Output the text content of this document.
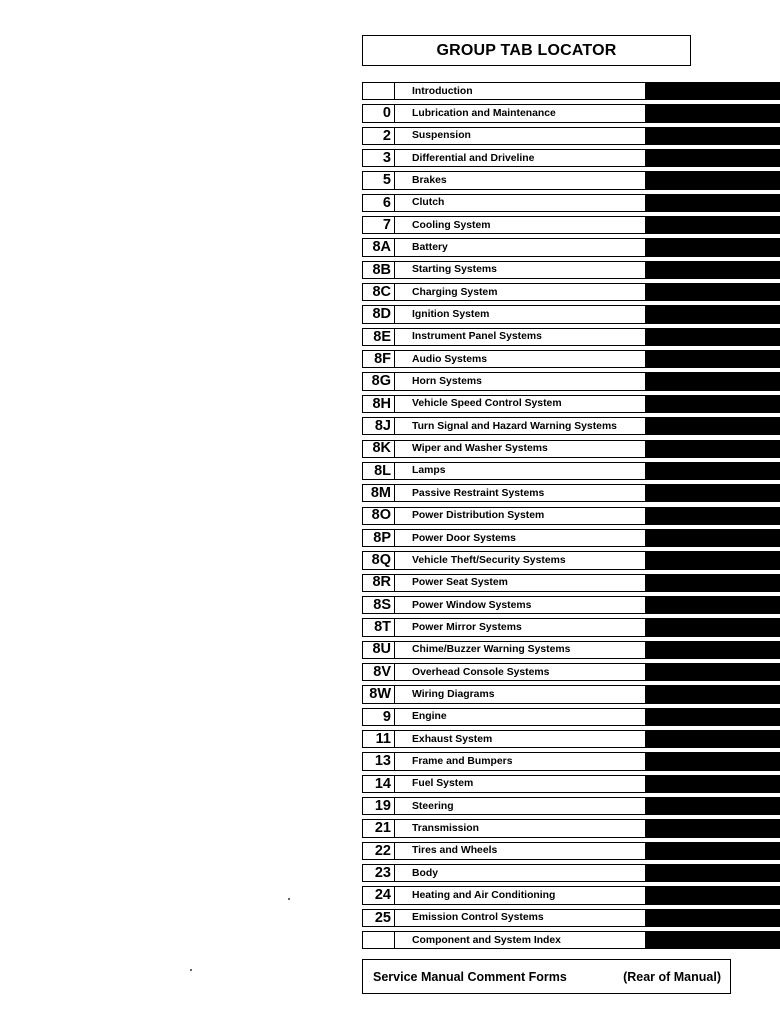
GROUP TAB LOCATOR
Introduction
0	Lubrication and Maintenance
2	Suspension
3	Differential and Driveline
5	Brakes
6	Clutch
7	Cooling System
8A	Battery
8B	Starting Systems
8C	Charging System
8D	Ignition System
8E	Instrument Panel Systems
8F	Audio Systems
8G	Horn Systems
8H	Vehicle Speed Control System
8J	Turn Signal and Hazard Warning Systems
8K	Wiper and Washer Systems
8L	Lamps
8M	Passive Restraint Systems
8O	Power Distribution System
8P	Power Door Systems
8Q	Vehicle Theft/Security Systems
8R	Power Seat System
8S	Power Window Systems
8T	Power Mirror Systems
8U	Chime/Buzzer Warning Systems
8V	Overhead Console Systems
8W	Wiring Diagrams
9	Engine
11	Exhaust System
13	Frame and Bumpers
14	Fuel System
19	Steering
21	Transmission
22	Tires and Wheels
23	Body
24	Heating and Air Conditioning
25	Emission Control Systems
Component and System Index
Service Manual Comment Forms	(Rear of Manual)
